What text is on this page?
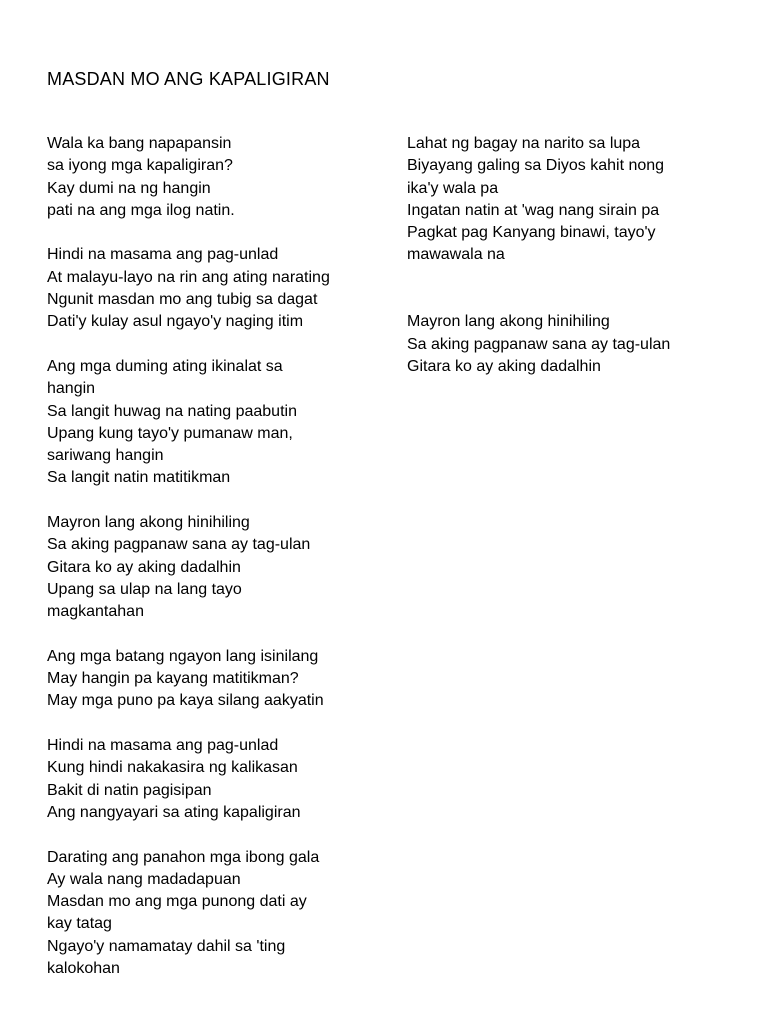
MASDAN MO ANG KAPALIGIRAN
Wala ka bang napapansin
sa iyong mga kapaligiran?
Kay dumi na ng hangin
pati na ang mga ilog natin.
Hindi na masama ang pag-unlad
At malayu-layo na rin ang ating narating
Ngunit masdan mo ang tubig sa dagat
Dati'y kulay asul ngayo'y naging itim
Ang mga duming ating ikinalat sa
hangin
Sa langit huwag na nating paabutin
Upang kung tayo'y pumanaw man,
sariwang hangin
Sa langit natin matitikman
Mayron lang akong hinihiling
Sa aking pagpanaw sana ay tag-ulan
Gitara ko ay aking dadalhin
Upang sa ulap na lang tayo
magkantahan
Ang mga batang ngayon lang isinilang
May hangin pa kayang matitikman?
May mga puno pa kaya silang aakyatin
Hindi na masama ang pag-unlad
Kung hindi nakakasira ng kalikasan
Bakit di natin pagisipan
Ang nangyayari sa ating kapaligiran
Darating ang panahon mga ibong gala
Ay wala nang madadapuan
Masdan mo ang mga punong dati ay
kay tatag
Ngayo'y namamatay dahil sa 'ting
kalokohan
Lahat ng bagay na narito sa lupa
Biyayang galing sa Diyos kahit nong
ika'y wala pa
Ingatan natin at 'wag nang sirain pa
Pagkat pag Kanyang binawi, tayo'y
mawawala na
Mayron lang akong hinihiling
Sa aking pagpanaw sana ay tag-ulan
Gitara ko ay aking dadalhin
